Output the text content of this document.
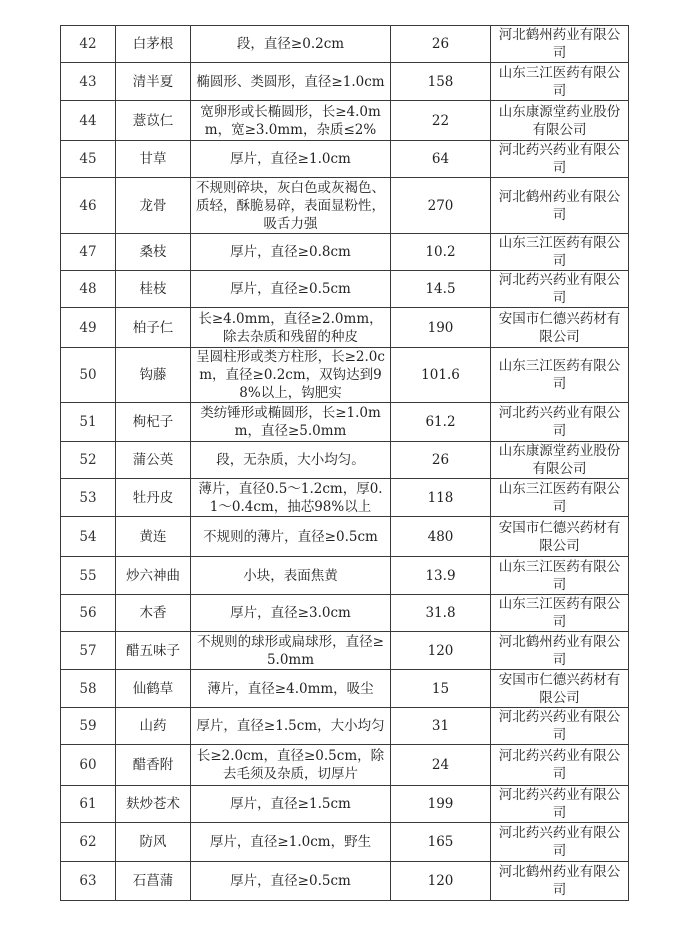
42	白茅根	段，直径≥0.2cm	26	河北鹤州药业有限公司
43	清半夏	椭圆形、类圆形，直径≥1.0cm	158	山东三江医药有限公司
44	薏苡仁	宽卵形或长椭圆形，长≥4.0mm，宽≥3.0mm，杂质≤2%	22	山东康源堂药业股份有限公司
45	甘草	厚片，直径≥1.0cm	64	河北药兴药业有限公司
46	龙骨	不规则碎块，灰白色或灰褐色、质轻，酥脆易碎，表面显粉性，吸舌力强	270	河北鹤州药业有限公司
47	桑枝	厚片，直径≥0.8cm	10.2	山东三江医药有限公司
48	桂枝	厚片，直径≥0.5cm	14.5	河北药兴药业有限公司
49	柏子仁	长≥4.0mm，直径≥2.0mm，除去杂质和残留的种皮	190	安国市仁德兴药材有限公司
50	钩藤	呈圆柱形或类方柱形，长≥2.0cm，直径≥0.2cm，双钩达到98%以上，钩肥实	101.6	山东三江医药有限公司
51	枸杞子	类纺锤形或椭圆形，长≥1.0mm，直径≥5.0mm	61.2	河北药兴药业有限公司
52	蒲公英	段，无杂质，大小均匀。	26	山东康源堂药业股份有限公司
53	牡丹皮	薄片，直径0.5～1.2cm，厚0.1～0.4cm，抽芯98%以上	118	山东三江医药有限公司
54	黄连	不规则的薄片，直径≥0.5cm	480	安国市仁德兴药材有限公司
55	炒六神曲	小块，表面焦黄	13.9	山东三江医药有限公司
56	木香	厚片，直径≥3.0cm	31.8	山东三江医药有限公司
57	醋五味子	不规则的球形或扁球形，直径≥5.0mm	120	河北鹤州药业有限公司
58	仙鹤草	薄片，直径≥4.0mm，吸尘	15	安国市仁德兴药材有限公司
59	山药	厚片，直径≥1.5cm，大小均匀	31	河北药兴药业有限公司
60	醋香附	长≥2.0cm，直径≥0.5cm，除去毛须及杂质，切厚片	24	河北药兴药业有限公司
61	麸炒苍术	厚片，直径≥1.5cm	199	河北药兴药业有限公司
62	防风	厚片，直径≥1.0cm，野生	165	河北药兴药业有限公司
63	石菖蒲	厚片，直径≥0.5cm	120	河北鹤州药业有限公司
